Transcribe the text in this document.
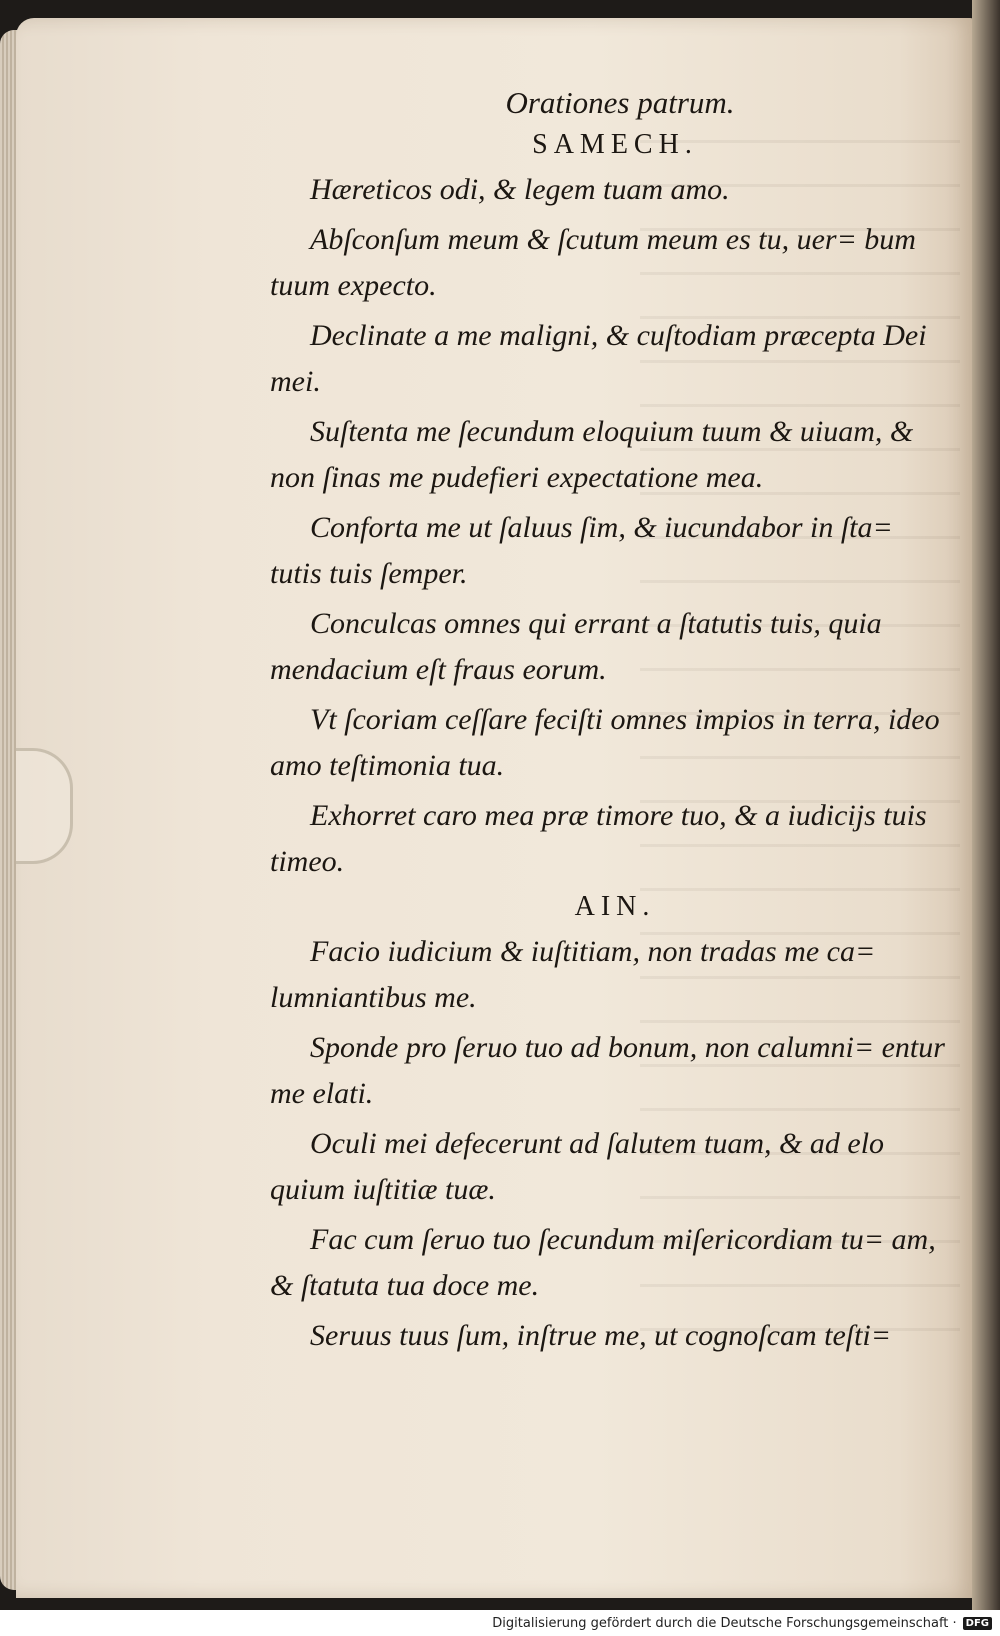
Orationes patrum.
SAMECH.

Hæreticos odi, & legem tuam amo.

Abſconſum meum & ſcutum meum es tu, uer= bum tuum expecto.

Declinate a me maligni, & cuſtodiam præcepta Dei mei.

Suſtenta me ſecundum eloquium tuum & uiuam, & non ſinas me pudefieri expectatione mea.

Conforta me ut ſaluus ſim, & iucundabor in ſta= tutis tuis ſemper.

Conculcas omnes qui errant a ſtatutis tuis, quia mendacium eſt fraus eorum.

Vt ſcoriam ceſſare feciſti omnes impios in terra, ideo amo teſtimonia tua.

Exhorret caro mea præ timore tuo, & a iudicijs tuis timeo.

AIN.

Facio iudicium & iuſtitiam, non tradas me ca= lumniantibus me.

Sponde pro ſeruo tuo ad bonum, non calumni= entur me elati.

Oculi mei defecerunt ad ſalutem tuam, & ad elo quium iuſtitiæ tuæ.

Fac cum ſeruo tuo ſecundum miſericordiam tu= am, & ſtatuta tua doce me.

Seruus tuus ſum, inſtrue me, ut cognoſcam teſti=

Digitalisierung gefördert durch die Deutsche Forschungsgemeinschaft · DFG
